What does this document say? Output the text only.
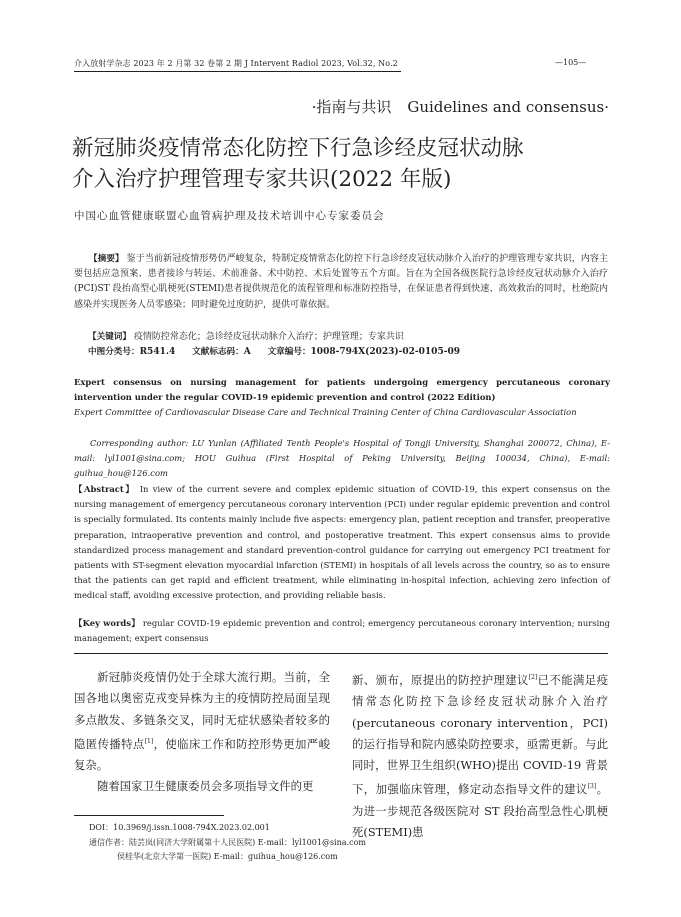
介入放射学杂志 2023 年 2 月第 32 卷第 2 期 J Intervent Radiol 2023, Vol.32, No.2	—105—
·指南与共识 Guidelines and consensus·
新冠肺炎疫情常态化防控下行急诊经皮冠状动脉
介入治疗护理管理专家共识(2022 年版)
中国心血管健康联盟心血管病护理及技术培训中心专家委员会
【摘要】 鉴于当前新冠疫情形势仍严峻复杂，特制定疫情常态化防控下行急诊经皮冠状动脉介入治疗的护理管理专家共识，内容主要包括应急预案、患者接诊与转运、术前准备、术中防控、术后处置等五个方面。旨在为全国各级医院行急诊经皮冠状动脉介入治疗(PCI)ST 段抬高型心肌梗死(STEMI)患者提供规范化的流程管理和标准防控指导，在保证患者得到快速、高效救治的同时，杜绝院内感染并实现医务人员零感染；同时避免过度防护，提供可靠依据。
【关键词】 疫情防控常态化；急诊经皮冠状动脉介入治疗；护理管理；专家共识
中图分类号：R541.4 文献标志码：A 文章编号：1008-794X(2023)-02-0105-09
Expert consensus on nursing management for patients undergoing emergency percutaneous coronary intervention under the regular COVID-19 epidemic prevention and control (2022 Edition)
Expert Committee of Cardiovascular Disease Care and Technical Training Center of China Cardiovascular Association
Corresponding author: LU Yunlan (Affiliated Tenth People's Hospital of Tongji University, Shanghai 200072, China), E-mail: lyl1001@sina.com; HOU Guihua (First Hospital of Peking University, Beijing 100034, China), E-mail: guihua_hou@126.com
【Abstract】 In view of the current severe and complex epidemic situation of COVID-19, this expert consensus on the nursing management of emergency percutaneous coronary intervention (PCI) under regular epidemic prevention and control is specially formulated. Its contents mainly include five aspects: emergency plan, patient reception and transfer, preoperative preparation, intraoperative prevention and control, and postoperative treatment. This expert consensus aims to provide standardized process management and standard prevention-control guidance for carrying out emergency PCI treatment for patients with ST-segment elevation myocardial infarction (STEMI) in hospitals of all levels across the country, so as to ensure that the patients can get rapid and efficient treatment, while eliminating in-hospital infection, achieving zero infection of medical staff, avoiding excessive protection, and providing reliable basis.
【Key words】 regular COVID-19 epidemic prevention and control; emergency percutaneous coronary intervention; nursing management; expert consensus

新冠肺炎疫情仍处于全球大流行期。当前，全国各地以奥密克戎变异株为主的疫情防控局面呈现多点散发、多链条交叉，同时无症状感染者较多的隐匿传播特点[1]，使临床工作和防控形势更加严峻复杂。

随着国家卫生健康委员会多项指导文件的更

新、颁布，原提出的防控护理建议[2]已不能满足疫情常态化防控下急诊经皮冠状动脉介入治疗(percutaneous coronary intervention，PCI)的运行指导和院内感染防控要求，亟需更新。与此同时，世界卫生组织(WHO)提出 COVID-19 背景下，加强临床管理，修定动态指导文件的建议[3]。为进一步规范各级医院对 ST 段抬高型急性心肌梗死(STEMI)患

DOI：10.3969/j.issn.1008-794X.2023.02.001
通信作者：陆芸岚(同济大学附属第十人民医院) E-mail：lyl1001@sina.com
侯桂华(北京大学第一医院) E-mail：guihua_hou@126.com
